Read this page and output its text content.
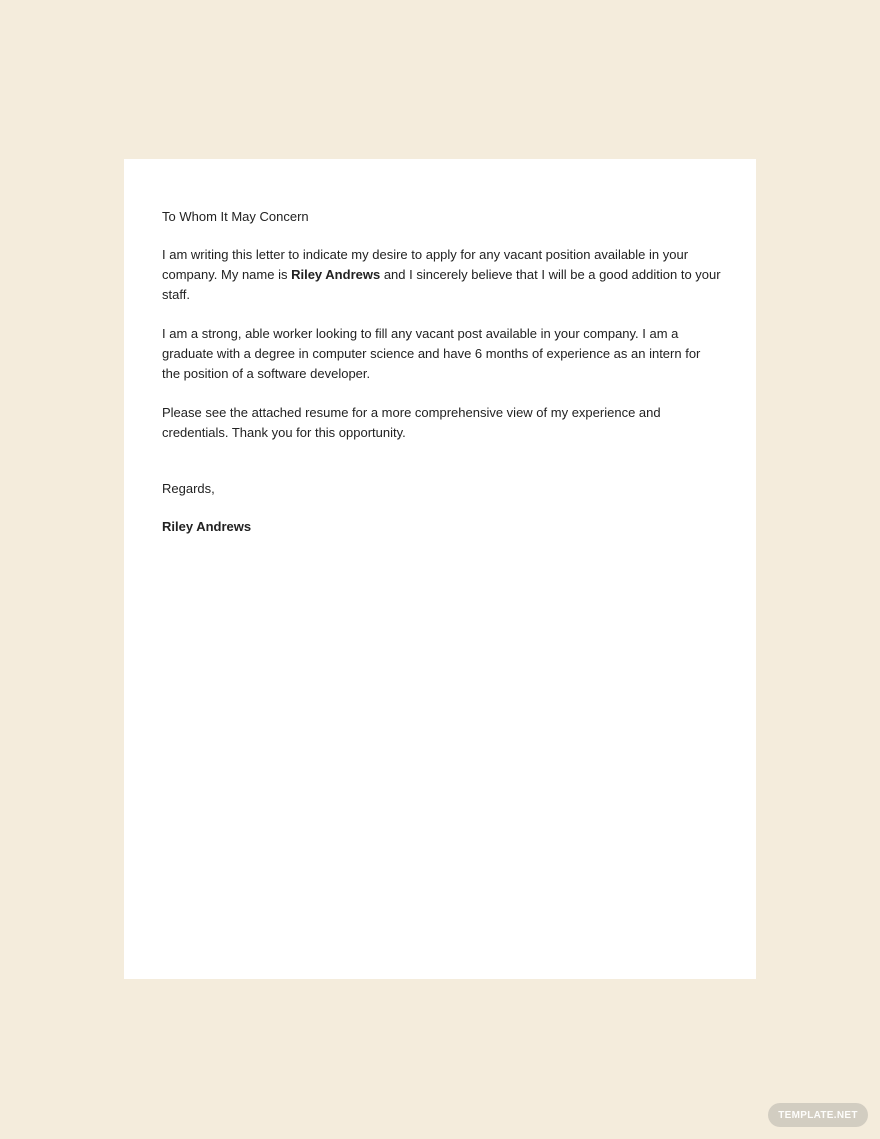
To Whom It May Concern

I am writing this letter to indicate my desire to apply for any vacant position available in your company. My name is Riley Andrews and I sincerely believe that I will be a good addition to your staff.

I am a strong, able worker looking to fill any vacant post available in your company. I am a graduate with a degree in computer science and have 6 months of experience as an intern for the position of a software developer.

Please see the attached resume for a more comprehensive view of my experience and credentials. Thank you for this opportunity.

Regards,

Riley Andrews

TEMPLATE.NET
